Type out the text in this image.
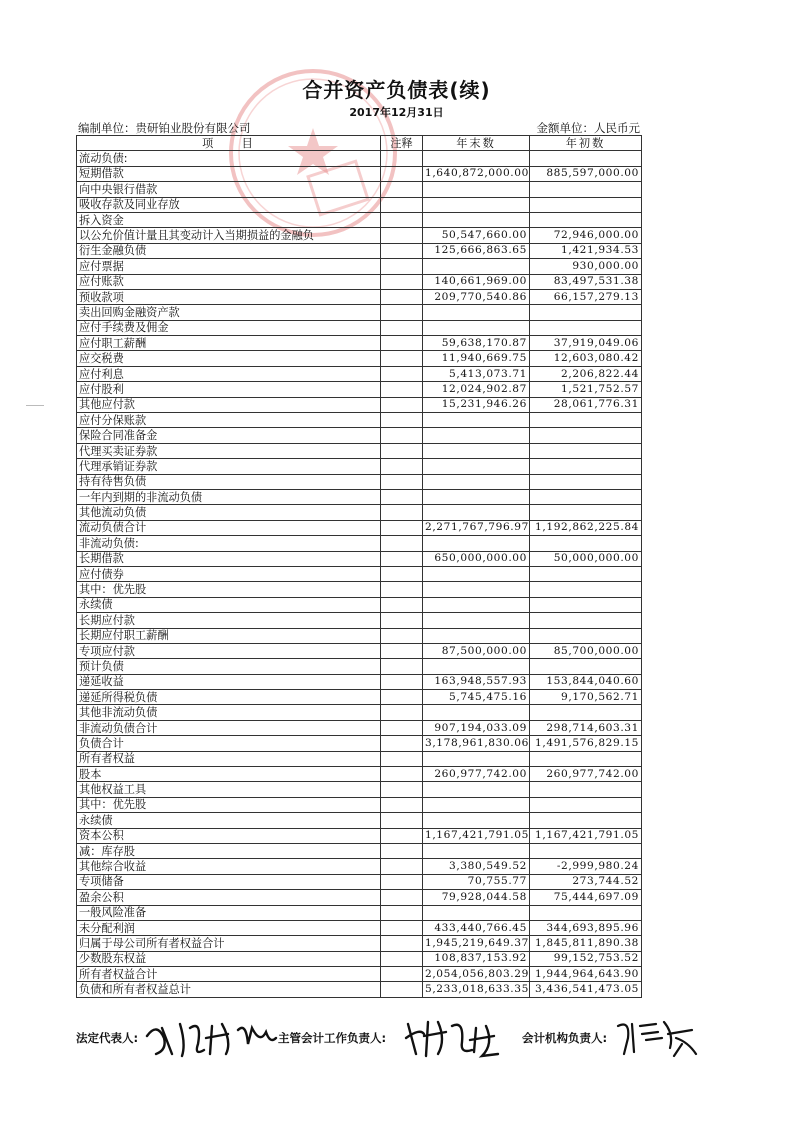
合并资产负债表(续)
2017年12月31日
编制单位：贵研铂业股份有限公司	金额单位：人民币元
项　　目	注释	年末数	年初数
流动负债:			
短期借款		1,640,872,000.00	885,597,000.00
向中央银行借款			
吸收存款及同业存放			
拆入资金			
以公允价值计量且其变动计入当期损益的金融负		50,547,660.00	72,946,000.00
衍生金融负债		125,666,863.65	1,421,934.53
应付票据			930,000.00
应付账款		140,661,969.00	83,497,531.38
预收款项		209,770,540.86	66,157,279.13
卖出回购金融资产款			
应付手续费及佣金			
应付职工薪酬		59,638,170.87	37,919,049.06
应交税费		11,940,669.75	12,603,080.42
应付利息		5,413,073.71	2,206,822.44
应付股利		12,024,902.87	1,521,752.57
其他应付款		15,231,946.26	28,061,776.31
应付分保账款			
保险合同准备金			
代理买卖证券款			
代理承销证券款			
持有待售负债			
一年内到期的非流动负债			
其他流动负债			
流动负债合计		2,271,767,796.97	1,192,862,225.84
非流动负债:			
长期借款		650,000,000.00	50,000,000.00
应付债券			
其中：优先股			
永续债			
长期应付款			
长期应付职工薪酬			
专项应付款		87,500,000.00	85,700,000.00
预计负债			
递延收益		163,948,557.93	153,844,040.60
递延所得税负债		5,745,475.16	9,170,562.71
其他非流动负债			
非流动负债合计		907,194,033.09	298,714,603.31
负债合计		3,178,961,830.06	1,491,576,829.15
所有者权益			
股本		260,977,742.00	260,977,742.00
其他权益工具			
其中：优先股			
永续债			
资本公积		1,167,421,791.05	1,167,421,791.05
减：库存股			
其他综合收益		3,380,549.52	-2,999,980.24
专项储备		70,755.77	273,744.52
盈余公积		79,928,044.58	75,444,697.09
一般风险准备			
未分配利润		433,440,766.45	344,693,895.96
归属于母公司所有者权益合计		1,945,219,649.37	1,845,811,890.38
少数股东权益		108,837,153.92	99,152,753.52
所有者权益合计		2,054,056,803.29	1,944,964,643.90
负债和所有者权益总计		5,233,018,633.35	3,436,541,473.05
法定代表人:	主管会计工作负责人:	会计机构负责人:
